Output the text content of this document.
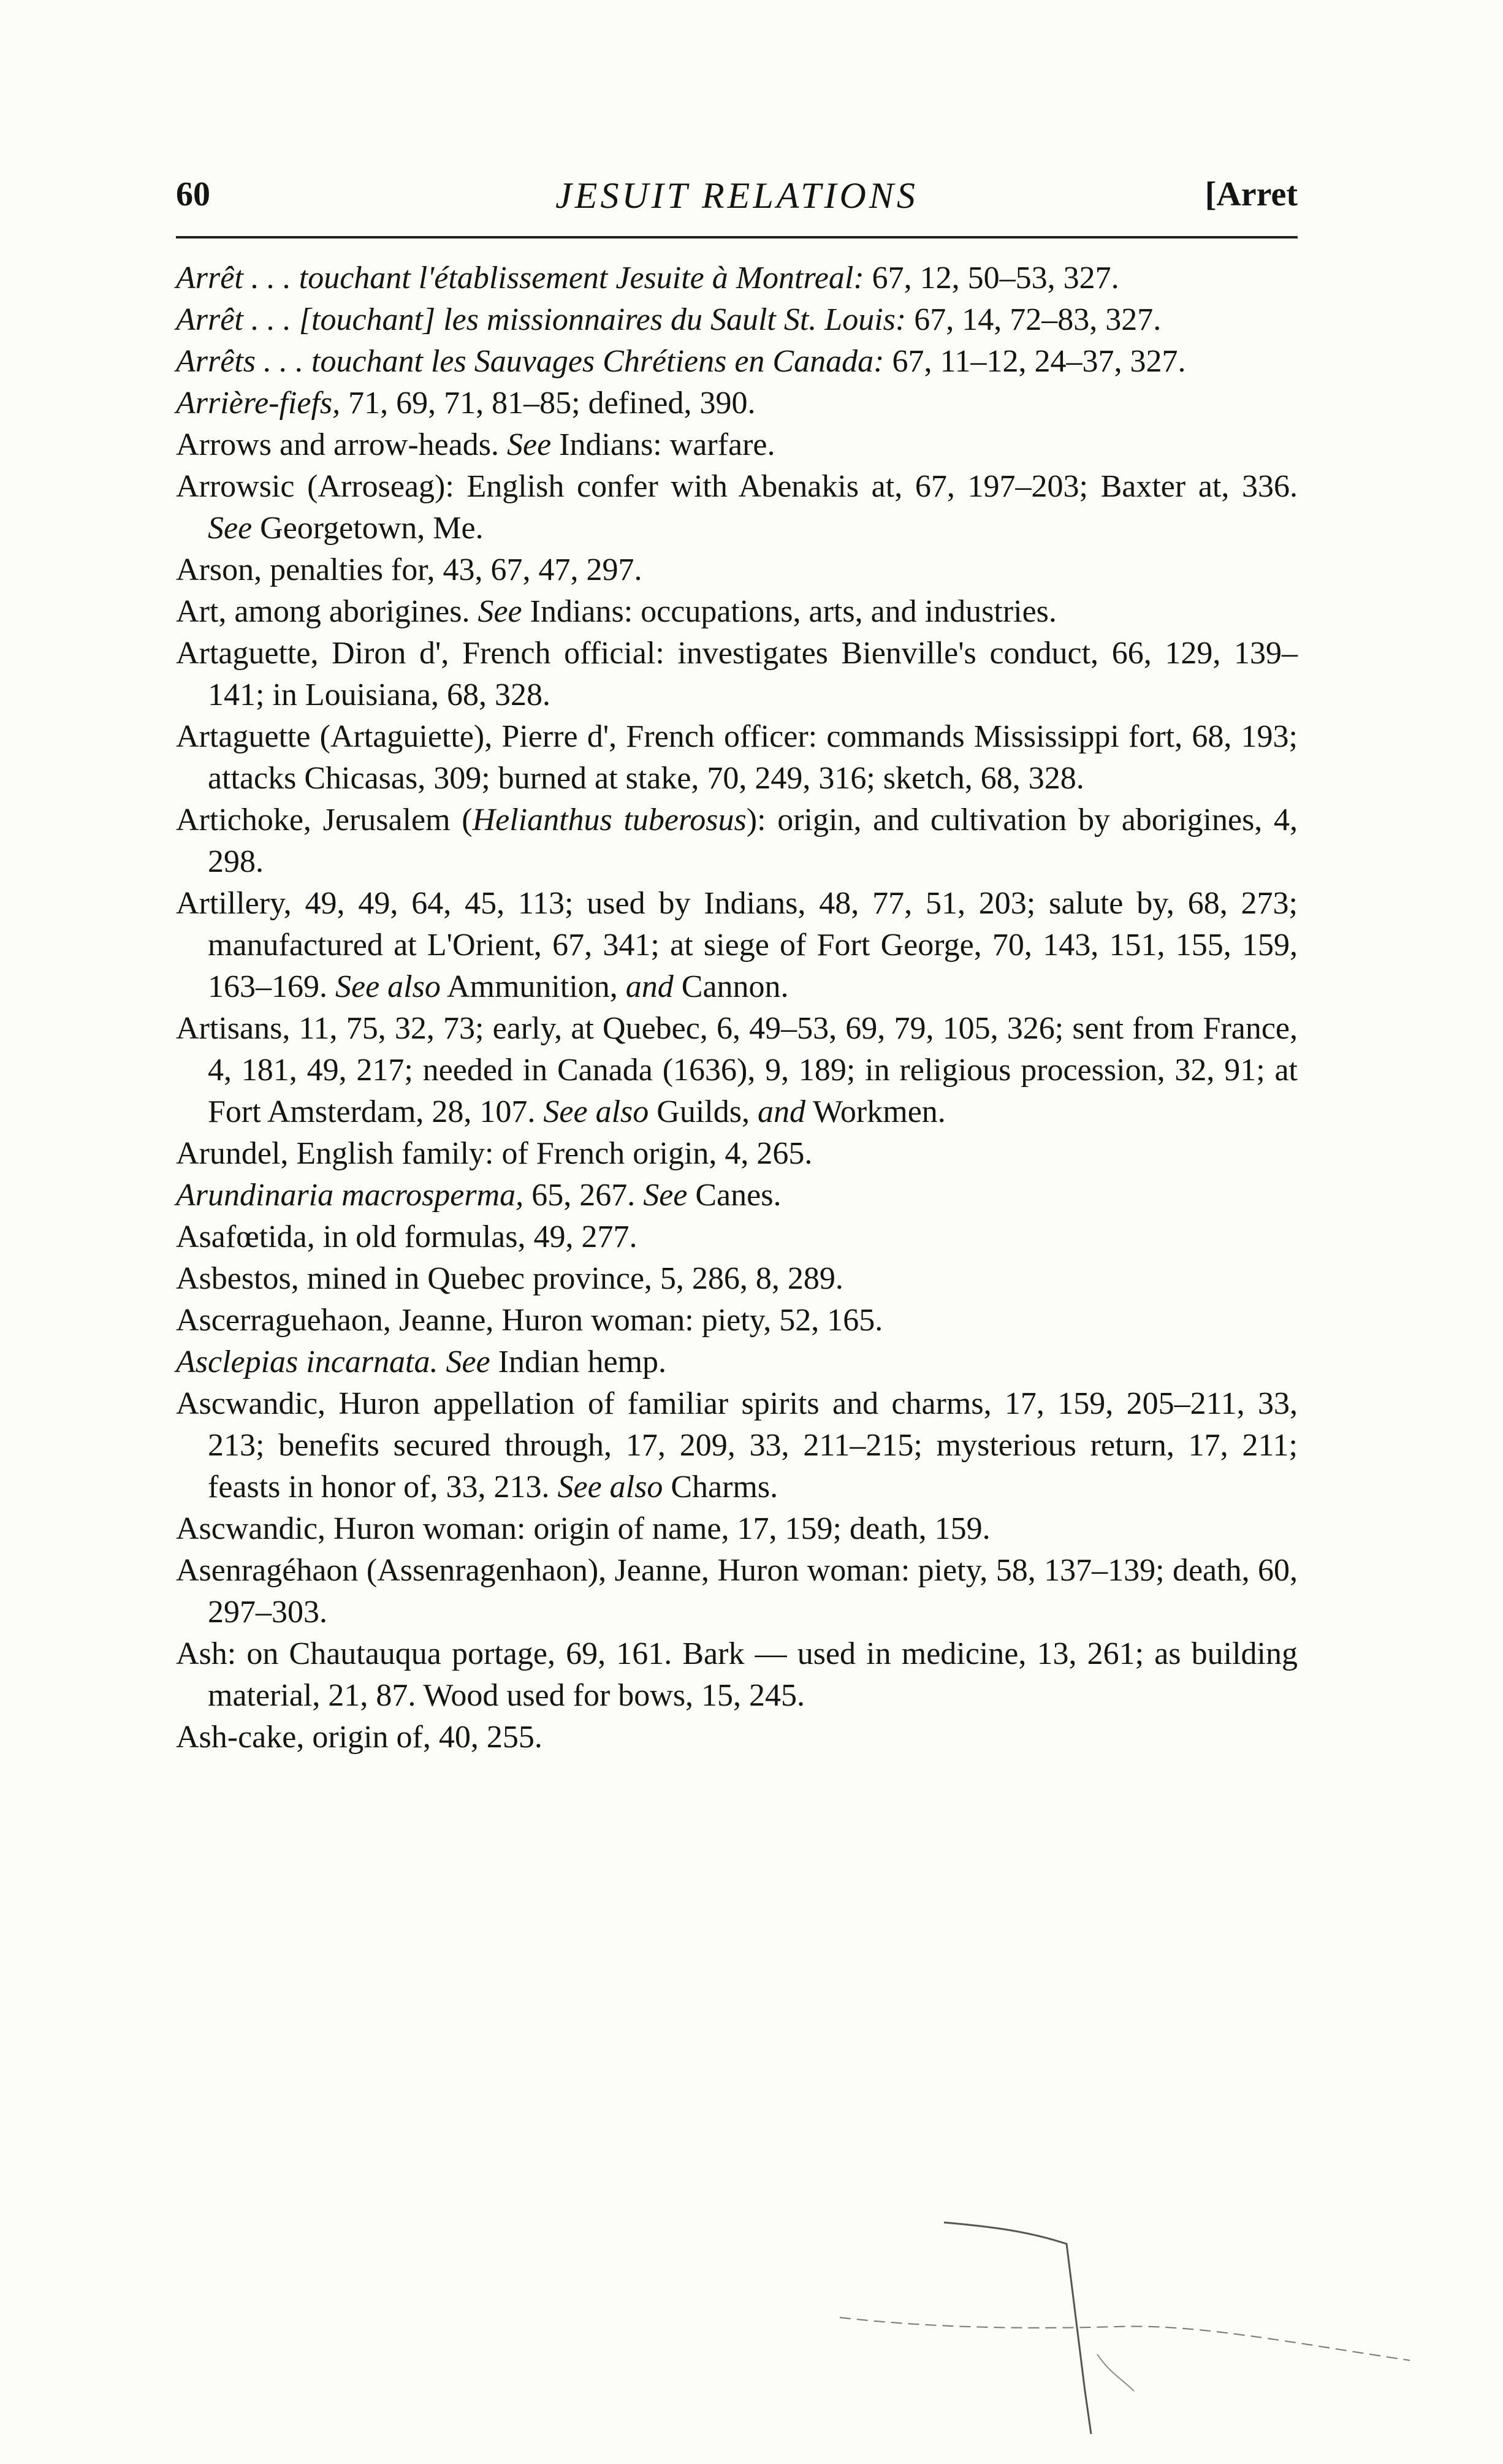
60	JESUIT RELATIONS	[Arret
Arrêt . . . touchant l'établissement Jesuite à Montreal: 67, 12, 50–53, 327.
Arrêt . . . [touchant] les missionnaires du Sault St. Louis: 67, 14, 72–83, 327.
Arrêts . . . touchant les Sauvages Chrétiens en Canada: 67, 11–12, 24–37, 327.
Arrière-fiefs, 71, 69, 71, 81–85; defined, 390.
Arrows and arrow-heads. See Indians: warfare.
Arrowsic (Arroseag): English confer with Abenakis at, 67, 197–203; Baxter at, 336. See Georgetown, Me.
Arson, penalties for, 43, 67, 47, 297.
Art, among aborigines. See Indians: occupations, arts, and industries.
Artaguette, Diron d', French official: investigates Bienville's conduct, 66, 129, 139–141; in Louisiana, 68, 328.
Artaguette (Artaguiette), Pierre d', French officer: commands Mississippi fort, 68, 193; attacks Chicasas, 309; burned at stake, 70, 249, 316; sketch, 68, 328.
Artichoke, Jerusalem (Helianthus tuberosus): origin, and cultivation by aborigines, 4, 298.
Artillery, 49, 49, 64, 45, 113; used by Indians, 48, 77, 51, 203; salute by, 68, 273; manufactured at L'Orient, 67, 341; at siege of Fort George, 70, 143, 151, 155, 159, 163–169. See also Ammunition, and Cannon.
Artisans, 11, 75, 32, 73; early, at Quebec, 6, 49–53, 69, 79, 105, 326; sent from France, 4, 181, 49, 217; needed in Canada (1636), 9, 189; in religious procession, 32, 91; at Fort Amsterdam, 28, 107. See also Guilds, and Workmen.
Arundel, English family: of French origin, 4, 265.
Arundinaria macrosperma, 65, 267. See Canes.
Asafœtida, in old formulas, 49, 277.
Asbestos, mined in Quebec province, 5, 286, 8, 289.
Ascerraguehaon, Jeanne, Huron woman: piety, 52, 165.
Asclepias incarnata. See Indian hemp.
Ascwandic, Huron appellation of familiar spirits and charms, 17, 159, 205–211, 33, 213; benefits secured through, 17, 209, 33, 211–215; mysterious return, 17, 211; feasts in honor of, 33, 213. See also Charms.
Ascwandic, Huron woman: origin of name, 17, 159; death, 159.
Asenragéhaon (Assenragenhaon), Jeanne, Huron woman: piety, 58, 137–139; death, 60, 297–303.
Ash: on Chautauqua portage, 69, 161. Bark — used in medicine, 13, 261; as building material, 21, 87. Wood used for bows, 15, 245.
Ash-cake, origin of, 40, 255.
